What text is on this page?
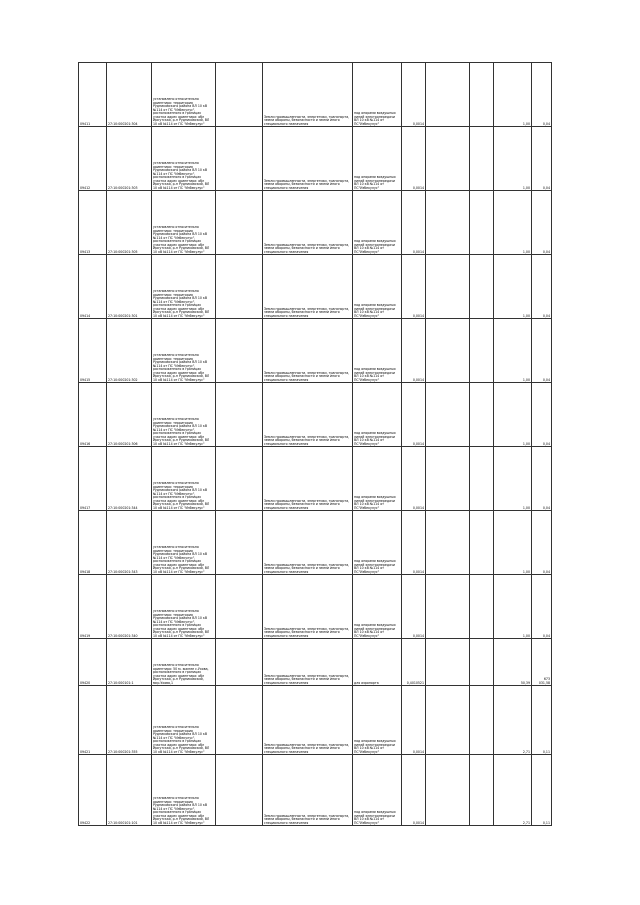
09411	27:10:000201:304	установлено относительно ориентира: территория Рудниковского района ВЛ 10 кВ №114 от ПС "Избекулус", расположенного в границах участка адрес ориентира: обл Иркутская, р-н Рудниковский, ВЛ 10 кВ №114 от ПС "Избекулус"		Земли промышленности, энергетики, транспорта, земли обороны, безопасности и земли иного специального назначения	под опорами воздушных линий электропередачи ВЛ 10 кВ №114 от ПС"Избекулус"	0,0014			1,00	0,04
09412	27:10:000201:303	установлено относительно ориентира: территория Рудниковского района ВЛ 10 кВ №114 от ПС "Избекулус", расположенного в границах участка адрес ориентира: обл Иркутская, р-н Рудниковский, ВЛ 10 кВ №114 от ПС "Избекулус"		Земли промышленности, энергетики, транспорта, земли обороны, безопасности и земли иного специального назначения	под опорами воздушных линий электропередачи ВЛ 10 кВ №114 от ПС"Избекулус"	0,0014			1,00	0,04
09413	27:10:000201:305	установлено относительно ориентира: территория Рудниковского района ВЛ 10 кВ №114 от ПС "Избекулус", расположенного в границах участка адрес ориентира: обл Иркутская, р-н Рудниковский, ВЛ 10 кВ №114 от ПС "Избекулус"		Земли промышленности, энергетики, транспорта, земли обороны, безопасности и земли иного специального назначения	под опорами воздушных линий электропередачи ВЛ 10 кВ №114 от ПС"Избекулус"	0,0014			1,00	0,04
09414	27:10:000201:301	установлено относительно ориентира: территория Рудниковского района ВЛ 10 кВ №114 от ПС "Избекулус", расположенного в границах участка адрес ориентира: обл Иркутская, р-н Рудниковский, ВЛ 10 кВ №114 от ПС "Избекулус"		Земли промышленности, энергетики, транспорта, земли обороны, безопасности и земли иного специального назначения	под опорами воздушных линий электропередачи ВЛ 10 кВ №114 от ПС"Избекулус"	0,0014			1,00	0,04
09415	27:10:000201:302	установлено относительно ориентира: территория Рудниковского района ВЛ 10 кВ №114 от ПС "Избекулус", расположенного в границах участка адрес ориентира: обл Иркутская, р-н Рудниковский, ВЛ 10 кВ №114 от ПС "Избекулус"		Земли промышленности, энергетики, транспорта, земли обороны, безопасности и земли иного специального назначения	под опорами воздушных линий электропередачи ВЛ 10 кВ №114 от ПС"Избекулус"	0,0014			1,00	0,04
09416	27:10:000201:306	установлено относительно ориентира: территория Рудниковского района ВЛ 10 кВ №114 от ПС "Избекулус", расположенного в границах участка адрес ориентира: обл Иркутская, р-н Рудниковский, ВЛ 10 кВ №114 от ПС "Избекулус"		Земли промышленности, энергетики, транспорта, земли обороны, безопасности и земли иного специального назначения	под опорами воздушных линий электропередачи ВЛ 10 кВ №114 от ПС"Избекулус"	0,0014			1,00	0,04
09417	27:10:000201:344	установлено относительно ориентира: территория Рудниковского района ВЛ 10 кВ №114 от ПС "Избекулус", расположенного в границах участка адрес ориентира: обл Иркутская, р-н Рудниковский, ВЛ 10 кВ №114 от ПС "Избекулус"		Земли промышленности, энергетики, транспорта, земли обороны, безопасности и земли иного специального назначения	под опорами воздушных линий электропередачи ВЛ 10 кВ №114 от ПС"Избекулус"	0,0014			1,00	0,04
09418	27:10:000201:343	установлено относительно ориентира: территория Рудниковского района ВЛ 10 кВ №114 от ПС "Избекулус", расположенного в границах участка адрес ориентира: обл Иркутская, р-н Рудниковский, ВЛ 10 кВ №114 от ПС "Избекулус"		Земли промышленности, энергетики, транспорта, земли обороны, безопасности и земли иного специального назначения	под опорами воздушных линий электропередачи ВЛ 10 кВ №114 от ПС"Избекулус"	0,0014			1,00	0,04
09419	27:10:000201:340	установлено относительно ориентира: территория Рудниковского района ВЛ 10 кВ №114 от ПС "Избекулус", расположенного в границах участка адрес ориентира: обл Иркутская, р-н Рудниковский, ВЛ 10 кВ №114 от ПС "Избекулус"		Земли промышленности, энергетики, транспорта, земли обороны, безопасности и земли иного специального назначения	под опорами воздушных линий электропередачи ВЛ 10 кВ №114 от ПС"Избекулус"	0,0014			1,00	0,04
09420	27:10:000101:1	установлено относительно ориентира: 50 м. южнее с.Ухова, расположенного в границах участка адрес ориентира: обл Иркутская, р-н Рудниковский, мкр.Ухова,1		Земли промышленности, энергетики, транспорта, земли обороны, безопасности и земли иного специального назначения	для аэропорта	0,4010521			50,39	673 031,58
09421	27:10:000201:355	установлено относительно ориентира: территория Рудниковского района ВЛ 10 кВ №114 от ПС "Избекулус", расположенного в границах участка адрес ориентира: обл Иркутская, р-н Рудниковский, ВЛ 10 кВ №114 от ПС "Избекулус"		Земли промышленности, энергетики, транспорта, земли обороны, безопасности и земли иного специального назначения	под опорами воздушных линий электропередачи ВЛ 10 кВ №114 от ПС"Избекулус"	0,0014			2,71	0,11
09422	27:10:000101:101	установлено относительно ориентира: территория Рудниковского района ВЛ 10 кВ №114 от ПС "Избекулус", расположенного в границах участка адрес ориентира: обл Иркутская, р-н Рудниковский, ВЛ 10 кВ №114 от ПС "Избекулус"		Земли промышленности, энергетики, транспорта, земли обороны, безопасности и земли иного специального назначения	под опорами воздушных линий электропередачи ВЛ 10 кВ №114 от ПС"Избекулус"	0,0014			2,71	0,11
